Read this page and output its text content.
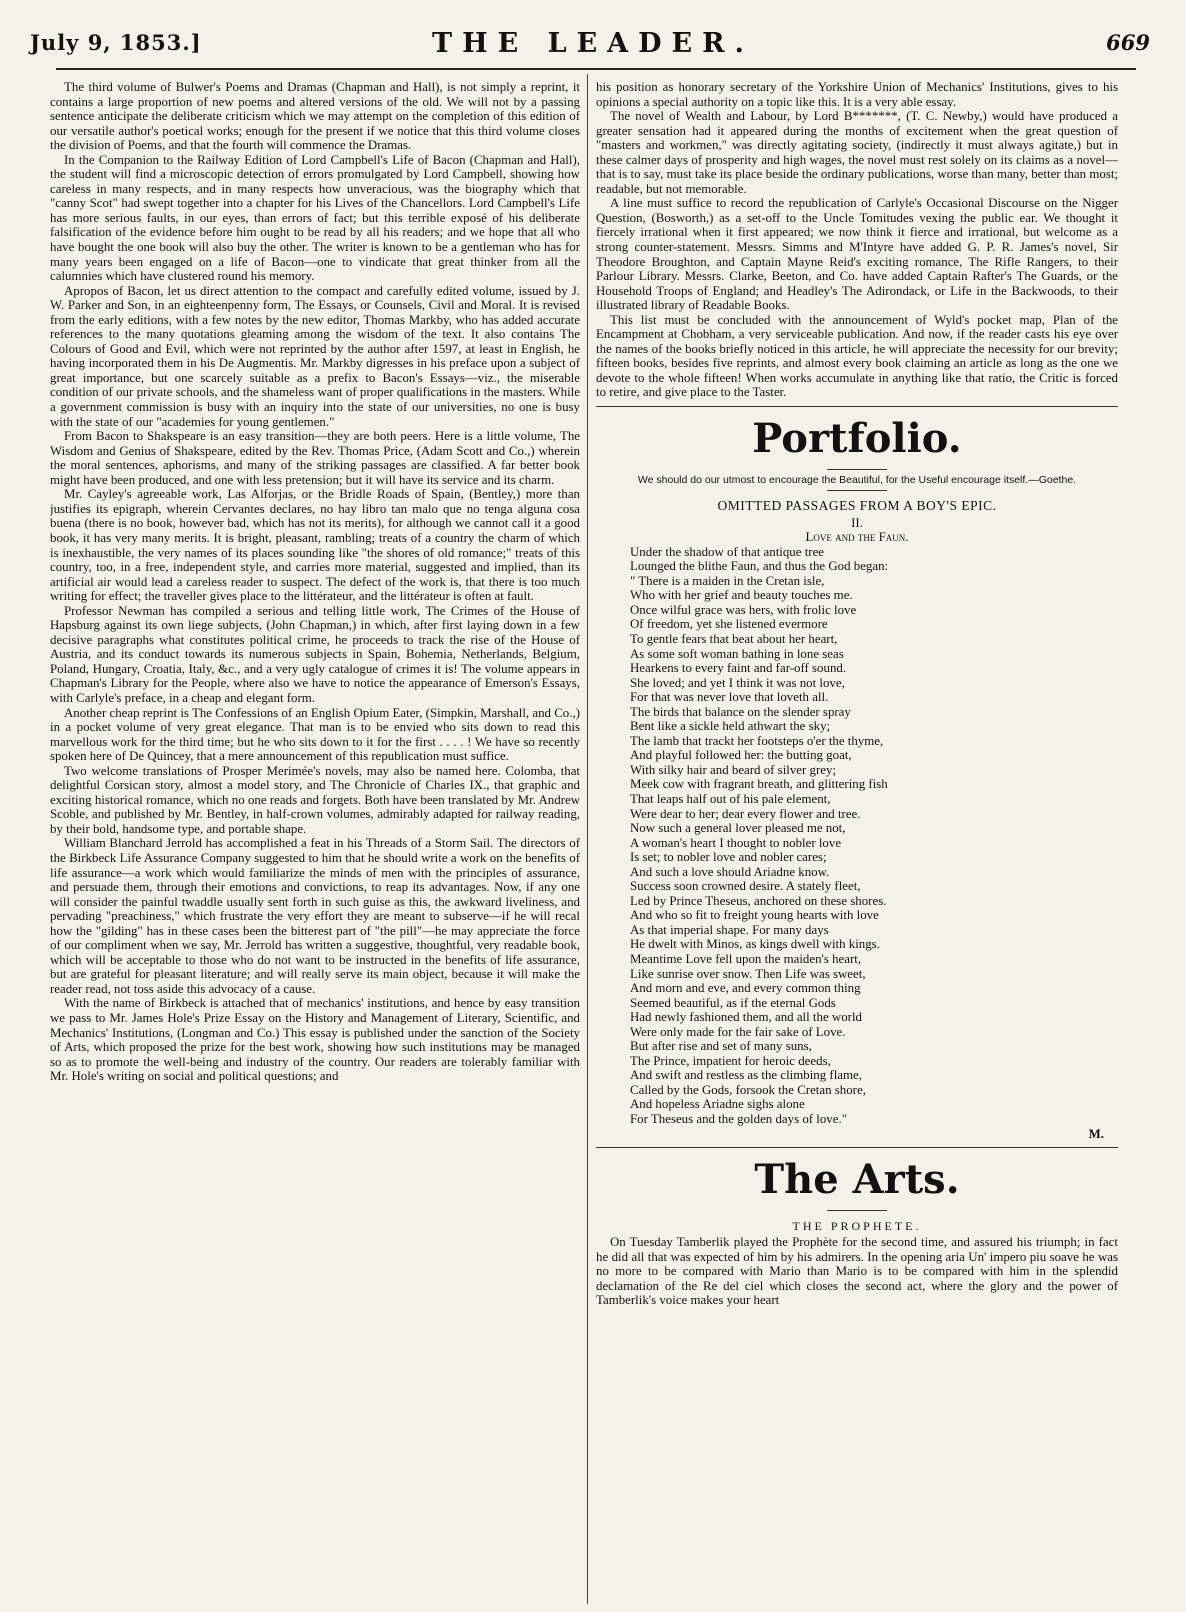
July 9, 1853.]	THE LEADER.	669

The third volume of Bulwer's Poems and Dramas (Chapman and Hall), is not simply a reprint, it contains a large proportion of new poems and altered versions of the old. We will not by a passing sentence anticipate the deliberate criticism which we may attempt on the completion of this edition of our versatile author's poetical works; enough for the present if we notice that this third volume closes the division of Poems, and that the fourth will commence the Dramas.

In the Companion to the Railway Edition of Lord Campbell's Life of Bacon (Chapman and Hall), the student will find a microscopic detection of errors promulgated by Lord Campbell, showing how careless in many respects, and in many respects how unveracious, was the biography which that "canny Scot" had swept together into a chapter for his Lives of the Chancellors. Lord Campbell's Life has more serious faults, in our eyes, than errors of fact; but this terrible exposé of his deliberate falsification of the evidence before him ought to be read by all his readers; and we hope that all who have bought the one book will also buy the other. The writer is known to be a gentleman who has for many years been engaged on a life of Bacon—one to vindicate that great thinker from all the calumnies which have clustered round his memory.

Apropos of Bacon, let us direct attention to the compact and carefully edited volume, issued by J. W. Parker and Son, in an eighteenpenny form, The Essays, or Counsels, Civil and Moral. It is revised from the early editions, with a few notes by the new editor, Thomas Markby, who has added accurate references to the many quotations gleaming among the wisdom of the text. It also contains The Colours of Good and Evil, which were not reprinted by the author after 1597, at least in English, he having incorporated them in his De Augmentis. Mr. Markby digresses in his preface upon a subject of great importance, but one scarcely suitable as a prefix to Bacon's Essays—viz., the miserable condition of our private schools, and the shameless want of proper qualifications in the masters. While a government commission is busy with an inquiry into the state of our universities, no one is busy with the state of our "academies for young gentlemen."

From Bacon to Shakspeare is an easy transition—they are both peers. Here is a little volume, The Wisdom and Genius of Shakspeare, edited by the Rev. Thomas Price, (Adam Scott and Co.,) wherein the moral sentences, aphorisms, and many of the striking passages are classified. A far better book might have been produced, and one with less pretension; but it will have its service and its charm.

Mr. Cayley's agreeable work, Las Alforjas, or the Bridle Roads of Spain, (Bentley,) more than justifies its epigraph, wherein Cervantes declares, no hay libro tan malo que no tenga alguna cosa buena (there is no book, however bad, which has not its merits), for although we cannot call it a good book, it has very many merits. It is bright, pleasant, rambling; treats of a country the charm of which is inexhaustible, the very names of its places sounding like "the shores of old romance;" treats of this country, too, in a free, independent style, and carries more material, suggested and implied, than its artificial air would lead a careless reader to suspect. The defect of the work is, that there is too much writing for effect; the traveller gives place to the littérateur, and the littérateur is often at fault.

Professor Newman has compiled a serious and telling little work, The Crimes of the House of Hapsburg against its own liege subjects, (John Chapman,) in which, after first laying down in a few decisive paragraphs what constitutes political crime, he proceeds to track the rise of the House of Austria, and its conduct towards its numerous subjects in Spain, Bohemia, Netherlands, Belgium, Poland, Hungary, Croatia, Italy, &c., and a very ugly catalogue of crimes it is! The volume appears in Chapman's Library for the People, where also we have to notice the appearance of Emerson's Essays, with Carlyle's preface, in a cheap and elegant form.

Another cheap reprint is The Confessions of an English Opium Eater, (Simpkin, Marshall, and Co.,) in a pocket volume of very great elegance. That man is to be envied who sits down to read this marvellous work for the third time; but he who sits down to it for the first . . . . ! We have so recently spoken here of De Quincey, that a mere announcement of this republication must suffice.

Two welcome translations of Prosper Merimée's novels, may also be named here. Colomba, that delightful Corsican story, almost a model story, and The Chronicle of Charles IX., that graphic and exciting historical romance, which no one reads and forgets. Both have been translated by Mr. Andrew Scoble, and published by Mr. Bentley, in half-crown volumes, admirably adapted for railway reading, by their bold, handsome type, and portable shape.

William Blanchard Jerrold has accomplished a feat in his Threads of a Storm Sail. The directors of the Birkbeck Life Assurance Company suggested to him that he should write a work on the benefits of life assurance—a work which would familiarize the minds of men with the principles of assurance, and persuade them, through their emotions and convictions, to reap its advantages. Now, if any one will consider the painful twaddle usually sent forth in such guise as this, the awkward liveliness, and pervading "preachiness," which frustrate the very effort they are meant to subserve—if he will recal how the "gilding" has in these cases been the bitterest part of "the pill"—he may appreciate the force of our compliment when we say, Mr. Jerrold has written a suggestive, thoughtful, very readable book, which will be acceptable to those who do not want to be instructed in the benefits of life assurance, but are grateful for pleasant literature; and will really serve its main object, because it will make the reader read, not toss aside this advocacy of a cause.

With the name of Birkbeck is attached that of mechanics' institutions, and hence by easy transition we pass to Mr. James Hole's Prize Essay on the History and Management of Literary, Scientific, and Mechanics' Institutions, (Longman and Co.) This essay is published under the sanction of the Society of Arts, which proposed the prize for the best work, showing how such institutions may be managed so as to promote the well-being and industry of the country. Our readers are tolerably familiar with Mr. Hole's writing on social and political questions; and

his position as honorary secretary of the Yorkshire Union of Mechanics' Institutions, gives to his opinions a special authority on a topic like this. It is a very able essay.

The novel of Wealth and Labour, by Lord B*******, (T. C. Newby,) would have produced a greater sensation had it appeared during the months of excitement when the great question of "masters and workmen," was directly agitating society, (indirectly it must always agitate,) but in these calmer days of prosperity and high wages, the novel must rest solely on its claims as a novel—that is to say, must take its place beside the ordinary publications, worse than many, better than most; readable, but not memorable.

A line must suffice to record the republication of Carlyle's Occasional Discourse on the Nigger Question, (Bosworth,) as a set-off to the Uncle Tomitudes vexing the public ear. We thought it fiercely irrational when it first appeared; we now think it fierce and irrational, but welcome as a strong counter-statement. Messrs. Simms and M'Intyre have added G. P. R. James's novel, Sir Theodore Broughton, and Captain Mayne Reid's exciting romance, The Rifle Rangers, to their Parlour Library. Messrs. Clarke, Beeton, and Co. have added Captain Rafter's The Guards, or the Household Troops of England; and Headley's The Adirondack, or Life in the Backwoods, to their illustrated library of Readable Books.

This list must be concluded with the announcement of Wyld's pocket map, Plan of the Encampment at Chobham, a very serviceable publication. And now, if the reader casts his eye over the names of the books briefly noticed in this article, he will appreciate the necessity for our brevity; fifteen books, besides five reprints, and almost every book claiming an article as long as the one we devote to the whole fifteen! When works accumulate in anything like that ratio, the Critic is forced to retire, and give place to the Taster.

Portfolio.
We should do our utmost to encourage the Beautiful, for the Useful encourage itself.—Goethe.
OMITTED PASSAGES FROM A BOY'S EPIC.
II.
Love and the Faun.
Under the shadow of that antique tree
Lounged the blithe Faun, and thus the God began:
" There is a maiden in the Cretan isle,
Who with her grief and beauty touches me.
Once wilful grace was hers, with frolic love
Of freedom, yet she listened evermore
To gentle fears that beat about her heart,
As some soft woman bathing in lone seas
Hearkens to every faint and far-off sound.
She loved; and yet I think it was not love,
For that was never love that loveth all.
The birds that balance on the slender spray
Bent like a sickle held athwart the sky;
The lamb that trackt her footsteps o'er the thyme,
And playful followed her: the butting goat,
With silky hair and beard of silver grey;
Meek cow with fragrant breath, and glittering fish
That leaps half out of his pale element,
Were dear to her; dear every flower and tree.
Now such a general lover pleased me not,
A woman's heart I thought to nobler love
Is set; to nobler love and nobler cares;
And such a love should Ariadne know.
Success soon crowned desire. A stately fleet,
Led by Prince Theseus, anchored on these shores.
And who so fit to freight young hearts with love
As that imperial shape. For many days
He dwelt with Minos, as kings dwell with kings.
Meantime Love fell upon the maiden's heart,
Like sunrise over snow. Then Life was sweet,
And morn and eve, and every common thing
Seemed beautiful, as if the eternal Gods
Had newly fashioned them, and all the world
Were only made for the fair sake of Love.
But after rise and set of many suns,
The Prince, impatient for heroic deeds,
And swift and restless as the climbing flame,
Called by the Gods, forsook the Cretan shore,
And hopeless Ariadne sighs alone
For Theseus and the golden days of love."
M.
The Arts.
THE PROPHETE.

On Tuesday Tamberlik played the Prophète for the second time, and assured his triumph; in fact he did all that was expected of him by his admirers. In the opening aria Un' impero piu soave he was no more to be compared with Mario than Mario is to be compared with him in the splendid declamation of the Re del ciel which closes the second act, where the glory and the power of Tamberlik's voice makes your heart
